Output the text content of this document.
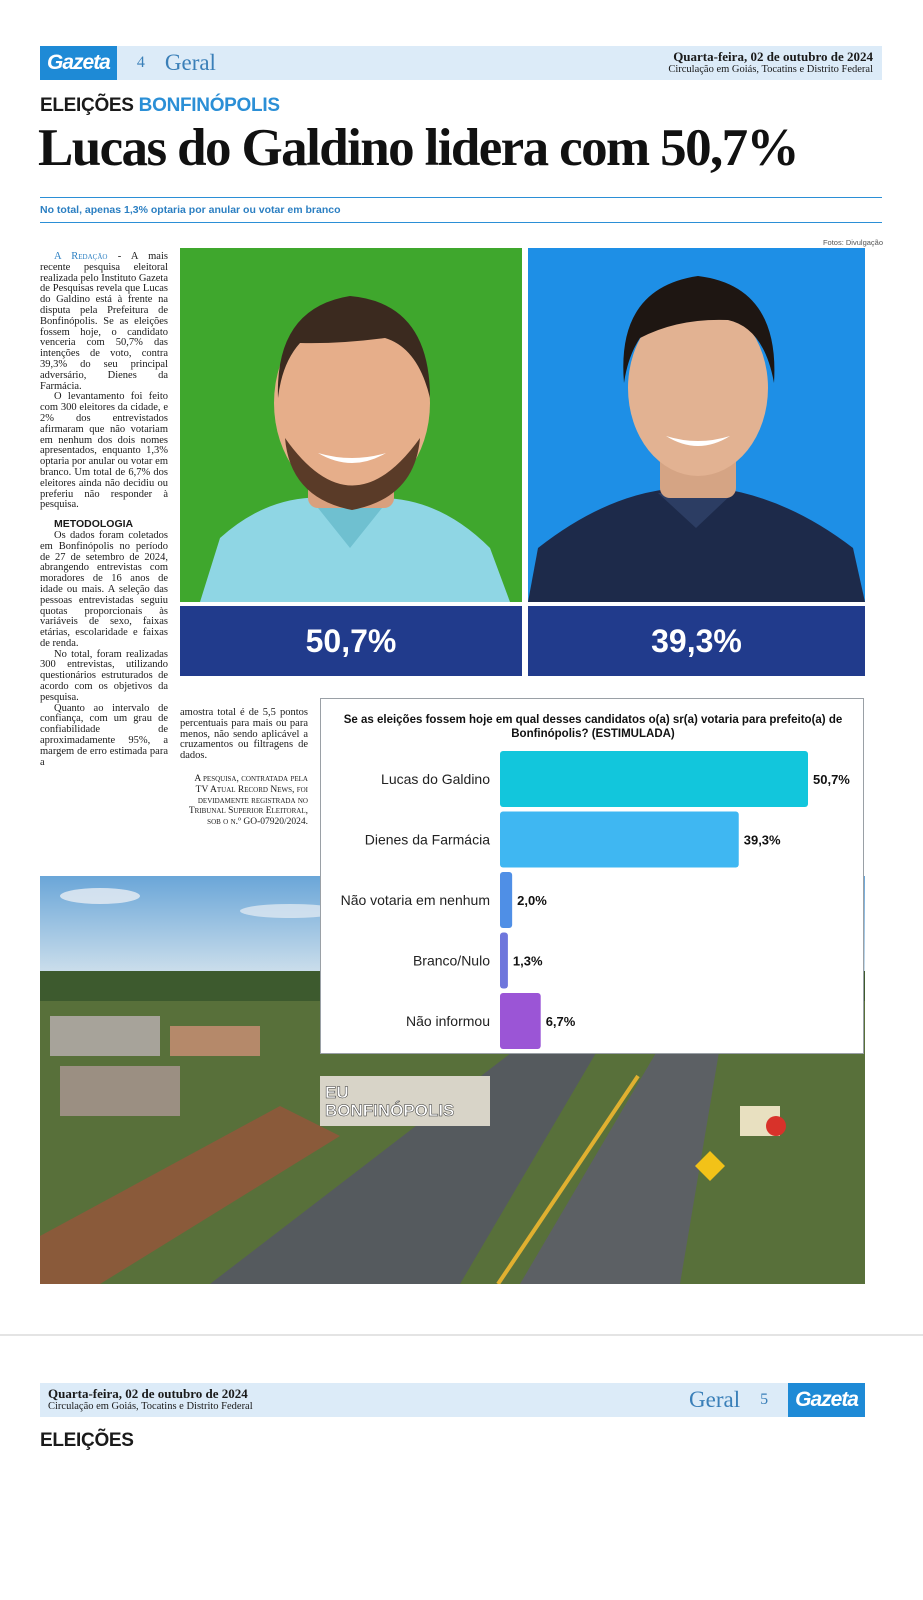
Gazeta	4 Geral	Quarta-feira, 02 de outubro de 2024
Circulação em Goiás, Tocatins e Distrito Federal
ELEIÇÕES BONFINÓPOLIS
Lucas do Galdino lidera com 50,7%
No total, apenas 1,3% optaria por anular ou votar em branco
Fotos: Divulgação

A Redação - A mais recente pesquisa eleitoral realizada pelo Instituto Gazeta de Pesquisas revela que Lucas do Galdino está à frente na disputa pela Prefeitura de Bonfinópolis. Se as eleições fossem hoje, o candidato venceria com 50,7% das intenções de voto, contra 39,3% do seu principal adversário, Dienes da Farmácia.

O levantamento foi feito com 300 eleitores da cidade, e 2% dos entrevistados afirmaram que não votariam em nenhum dos dois nomes apresentados, enquanto 1,3% optaria por anular ou votar em branco. Um total de 6,7% dos eleitores ainda não decidiu ou preferiu não responder à pesquisa.

METODOLOGIA

Os dados foram coletados em Bonfinópolis no período de 27 de setembro de 2024, abrangendo entrevistas com moradores de 16 anos de idade ou mais. A seleção das pessoas entrevistadas seguiu quotas proporcionais às variáveis de sexo, faixas etárias, escolaridade e faixas de renda.

No total, foram realizadas 300 entrevistas, utilizando questionários estruturados de acordo com os objetivos da pesquisa.

Quanto ao intervalo de confiança, com um grau de confiabilidade de aproximadamente 95%, a margem de erro estimada para a

amostra total é de 5,5 pontos percentuais para mais ou para menos, não sendo aplicável a cruzamentos ou filtragens de dados.

A pesquisa, contratada pela TV Atual Record News, foi devidamente registrada no Tribunal Superior Eleitoral, sob o n.º GO-07920/2024.

50,7%	39,3%
EU
BONFINÓPOLIS
Se as eleições fossem hoje em qual desses candidatos o(a) sr(a) votaria para prefeito(a) de Bonfinópolis? (ESTIMULADA)
Lucas do Galdino	50,7%
Dienes da Farmácia	39,3%
Não votaria em nenhum 2,0%
Branco/Nulo 1,3%
Não informou	6,7%
Quarta-feira, 02 de outubro de 2024
Circulação em Goiás, Tocatins e Distrito Federal	Geral 5	Gazeta
ELEIÇÕES
